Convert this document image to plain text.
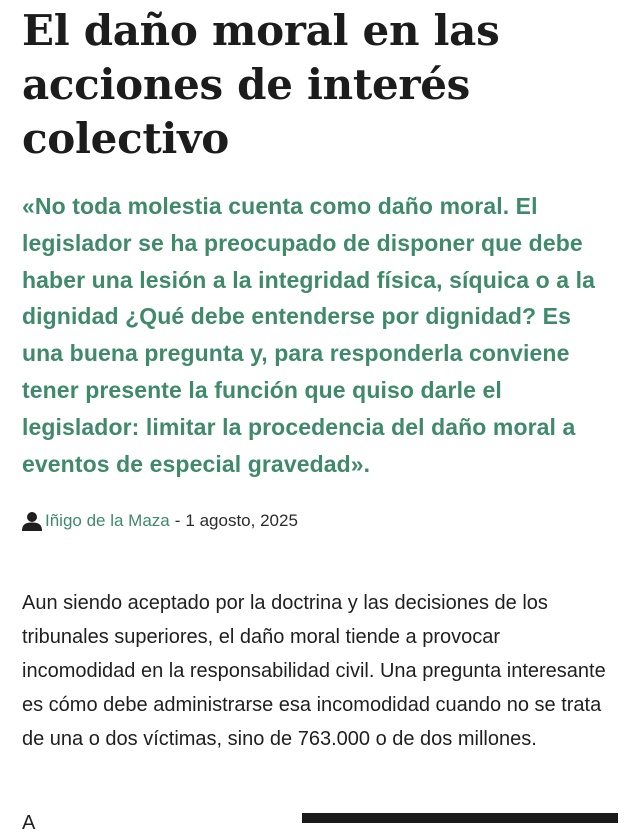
El daño moral en las acciones de interés colectivo

«No toda molestia cuenta como daño moral. El legislador se ha preocupado de disponer que debe haber una lesión a la integridad física, síquica o a la dignidad ¿Qué debe entenderse por dignidad? Es una buena pregunta y, para responderla conviene tener presente la función que quiso darle el legislador: limitar la procedencia del daño moral a eventos de especial gravedad».

Iñigo de la Maza - 1 agosto, 2025

Aun siendo aceptado por la doctrina y las decisiones de los tribunales superiores, el daño moral tiende a provocar incomodidad en la responsabilidad civil. Una pregunta interesante es cómo debe administrarse esa incomodidad cuando no se trata de una o dos víctimas, sino de 763.000 o de dos millones.

A
